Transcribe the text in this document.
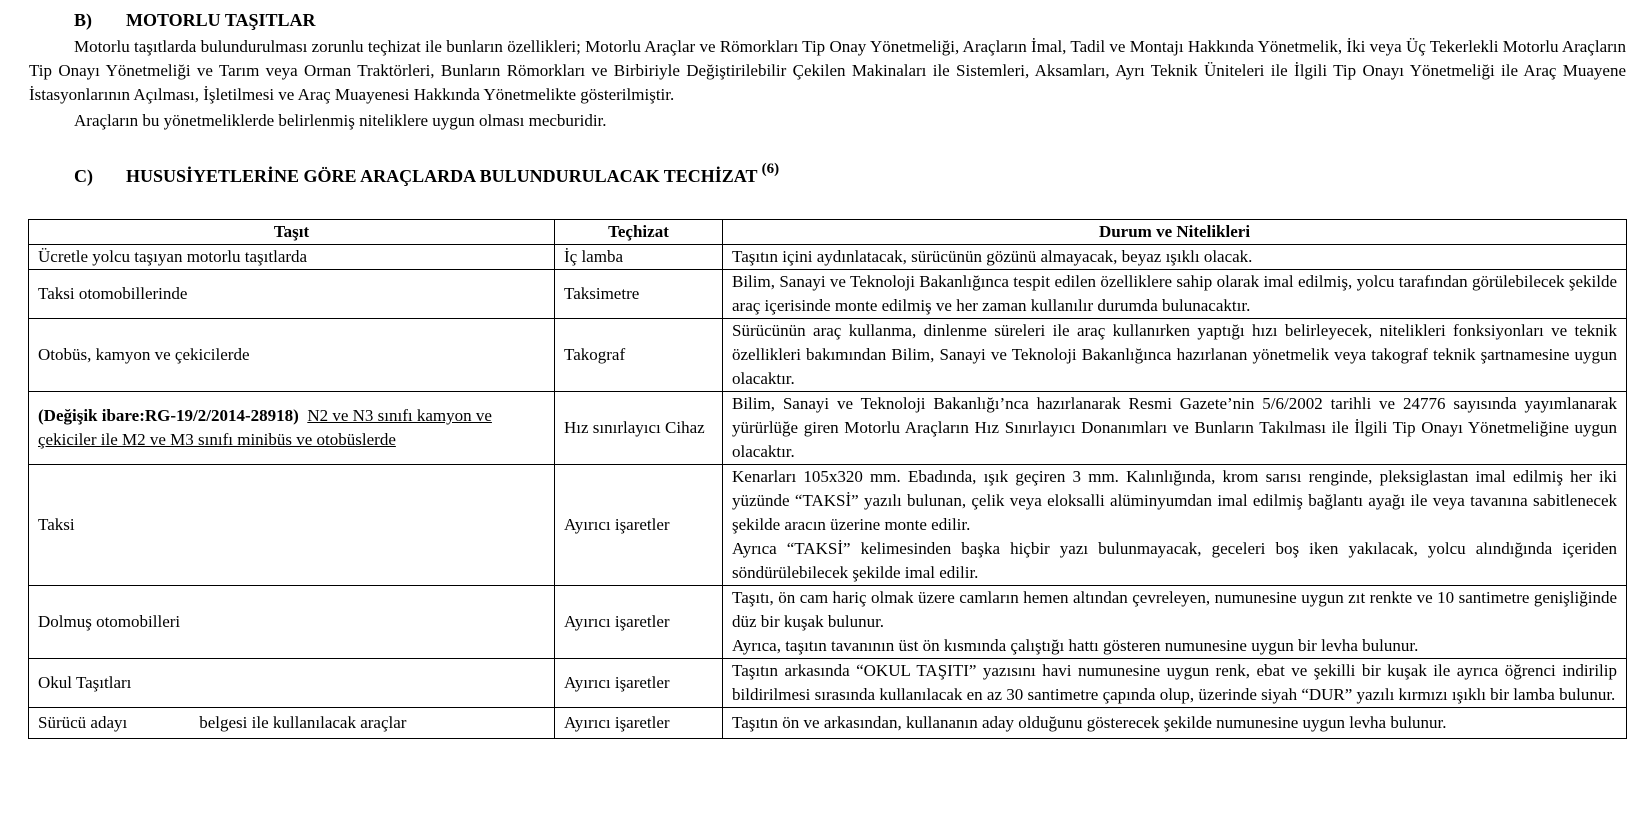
B) MOTORLU TAŞITLAR
Motorlu taşıtlarda bulundurulması zorunlu teçhizat ile bunların özellikleri; Motorlu Araçlar ve Römorkları Tip Onay Yönetmeliği, Araçların İmal, Tadil ve Montajı Hakkında Yönetmelik, İki veya Üç Tekerlekli Motorlu Araçların Tip Onayı Yönetmeliği ve Tarım veya Orman Traktörleri, Bunların Römorkları ve Birbiriyle Değiştirilebilir Çekilen Makinaları ile Sistemleri, Aksamları, Ayrı Teknik Üniteleri ile İlgili Tip Onayı Yönetmeliği ile Araç Muayene İstasyonlarının Açılması, İşletilmesi ve Araç Muayenesi Hakkında Yönetmelikte gösterilmiştir.
Araçların bu yönetmeliklerde belirlenmiş niteliklere uygun olması mecburidir.
C) HUSUSİYETLERİNE GÖRE ARAÇLARDA BULUNDURULACAK TECHİZAT $^{(6)}$
Taşıt	Teçhizat	Durum ve Nitelikleri
Ücretle yolcu taşıyan motorlu taşıtlarda	İç lamba	Taşıtın içini aydınlatacak, sürücünün gözünü almayacak, beyaz ışıklı olacak.
Taksi otomobillerinde	Taksimetre	Bilim, Sanayi ve Teknoloji Bakanlığınca tespit edilen özelliklere sahip olarak imal edilmiş, yolcu tarafından görülebilecek şekilde araç içerisinde monte edilmiş ve her zaman kullanılır durumda bulunacaktır.
Otobüs, kamyon ve çekicilerde	Takograf	Sürücünün araç kullanma, dinlenme süreleri ile araç kullanırken yaptığı hızı belirleyecek, nitelikleri fonksiyonları ve teknik özellikleri bakımından Bilim, Sanayi ve Teknoloji Bakanlığınca hazırlanan yönetmelik veya takograf teknik şartnamesine uygun olacaktır.
(Değişik ibare:RG-19/2/2014-28918) N2 ve N3 sınıfı kamyon ve çekiciler ile M2 ve M3 sınıfı minibüs ve otobüslerde	Hız sınırlayıcı Cihaz	Bilim, Sanayi ve Teknoloji Bakanlığı’nca hazırlanarak Resmi Gazete’nin 5/6/2002 tarihli ve 24776 sayısında yayımlanarak yürürlüğe giren Motorlu Araçların Hız Sınırlayıcı Donanımları ve Bunların Takılması ile İlgili Tip Onayı Yönetmeliğine uygun olacaktır.
Taksi	Ayırıcı işaretler	Kenarları 105x320 mm. Ebadında, ışık geçiren 3 mm. Kalınlığında, krom sarısı renginde, pleksiglastan imal edilmiş her iki yüzünde “TAKSİ” yazılı bulunan, çelik veya eloksalli alüminyumdan imal edilmiş bağlantı ayağı ile veya tavanına sabitlenecek şekilde aracın üzerine monte edilir.
Ayrıca “TAKSİ” kelimesinden başka hiçbir yazı bulunmayacak, geceleri boş iken yakılacak, yolcu alındığında içeriden söndürülebilecek şekilde imal edilir.

Dolmuş otomobilleri	Ayırıcı işaretler	Taşıtı, ön cam hariç olmak üzere camların hemen altından çevreleyen, numunesine uygun zıt renkte ve 10 santimetre genişliğinde düz bir kuşak bulunur.
Ayrıca, taşıtın tavanının üst ön kısmında çalıştığı hattı gösteren numunesine uygun bir levha bulunur.

Okul Taşıtları	Ayırıcı işaretler	Taşıtın arkasında “OKUL TAŞITI” yazısını havi numunesine uygun renk, ebat ve şekilli bir kuşak ile ayrıca öğrenci indirilip bildirilmesi sırasında kullanılacak en az 30 santimetre çapında olup, üzerinde siyah “DUR” yazılı kırmızı ışıklı bir lamba bulunur.
Sürücü adayı belgesi ile kullanılacak araçlar	Ayırıcı işaretler	Taşıtın ön ve arkasından, kullananın aday olduğunu gösterecek şekilde numunesine uygun levha bulunur.
